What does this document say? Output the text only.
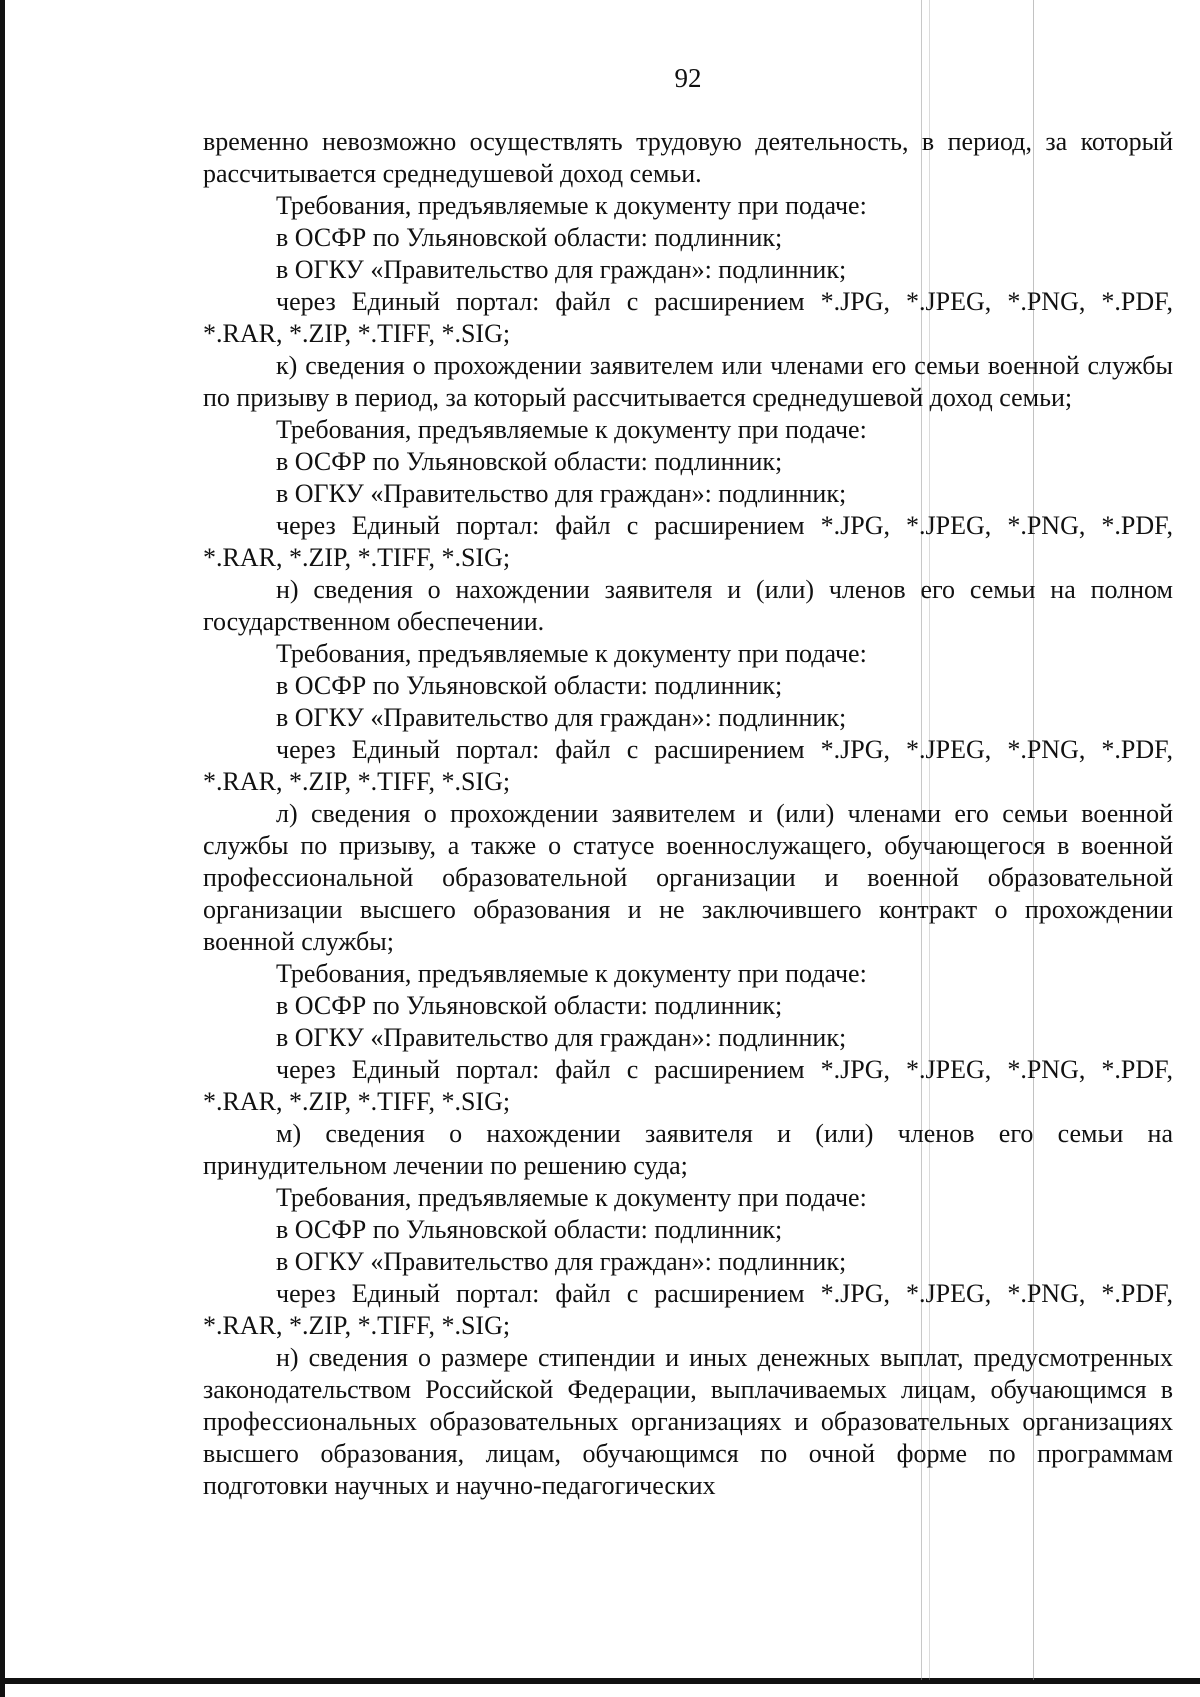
92

временно невозможно осуществлять трудовую деятельность, в период, за который рассчитывается среднедушевой доход семьи.

Требования, предъявляемые к документу при подаче:

в ОСФР по Ульяновской области: подлинник;

в ОГКУ «Правительство для граждан»: подлинник;

через Единый портал: файл с расширением *.JPG, *.JPEG, *.PNG, *.PDF, *.RAR, *.ZIP, *.TIFF, *.SIG;

к) сведения о прохождении заявителем или членами его семьи военной службы по призыву в период, за который рассчитывается среднедушевой доход семьи;

Требования, предъявляемые к документу при подаче:

в ОСФР по Ульяновской области: подлинник;

в ОГКУ «Правительство для граждан»: подлинник;

через Единый портал: файл с расширением *.JPG, *.JPEG, *.PNG, *.PDF, *.RAR, *.ZIP, *.TIFF, *.SIG;

н) сведения о нахождении заявителя и (или) членов его семьи на полном государственном обеспечении.

Требования, предъявляемые к документу при подаче:

в ОСФР по Ульяновской области: подлинник;

в ОГКУ «Правительство для граждан»: подлинник;

через Единый портал: файл с расширением *.JPG, *.JPEG, *.PNG, *.PDF, *.RAR, *.ZIP, *.TIFF, *.SIG;

л) сведения о прохождении заявителем и (или) членами его семьи военной службы по призыву, а также о статусе военнослужащего, обучающегося в военной профессиональной образовательной организации и военной образовательной организации высшего образования и не заключившего контракт о прохождении военной службы;

Требования, предъявляемые к документу при подаче:

в ОСФР по Ульяновской области: подлинник;

в ОГКУ «Правительство для граждан»: подлинник;

через Единый портал: файл с расширением *.JPG, *.JPEG, *.PNG, *.PDF, *.RAR, *.ZIP, *.TIFF, *.SIG;

м) сведения о нахождении заявителя и (или) членов его семьи на принудительном лечении по решению суда;

Требования, предъявляемые к документу при подаче:

в ОСФР по Ульяновской области: подлинник;

в ОГКУ «Правительство для граждан»: подлинник;

через Единый портал: файл с расширением *.JPG, *.JPEG, *.PNG, *.PDF, *.RAR, *.ZIP, *.TIFF, *.SIG;

н) сведения о размере стипендии и иных денежных выплат, предусмотренных законодательством Российской Федерации, выплачиваемых лицам, обучающимся в профессиональных образовательных организациях и образовательных организациях высшего образования, лицам, обучающимся по очной форме по программам подготовки научных и научно-педагогических
